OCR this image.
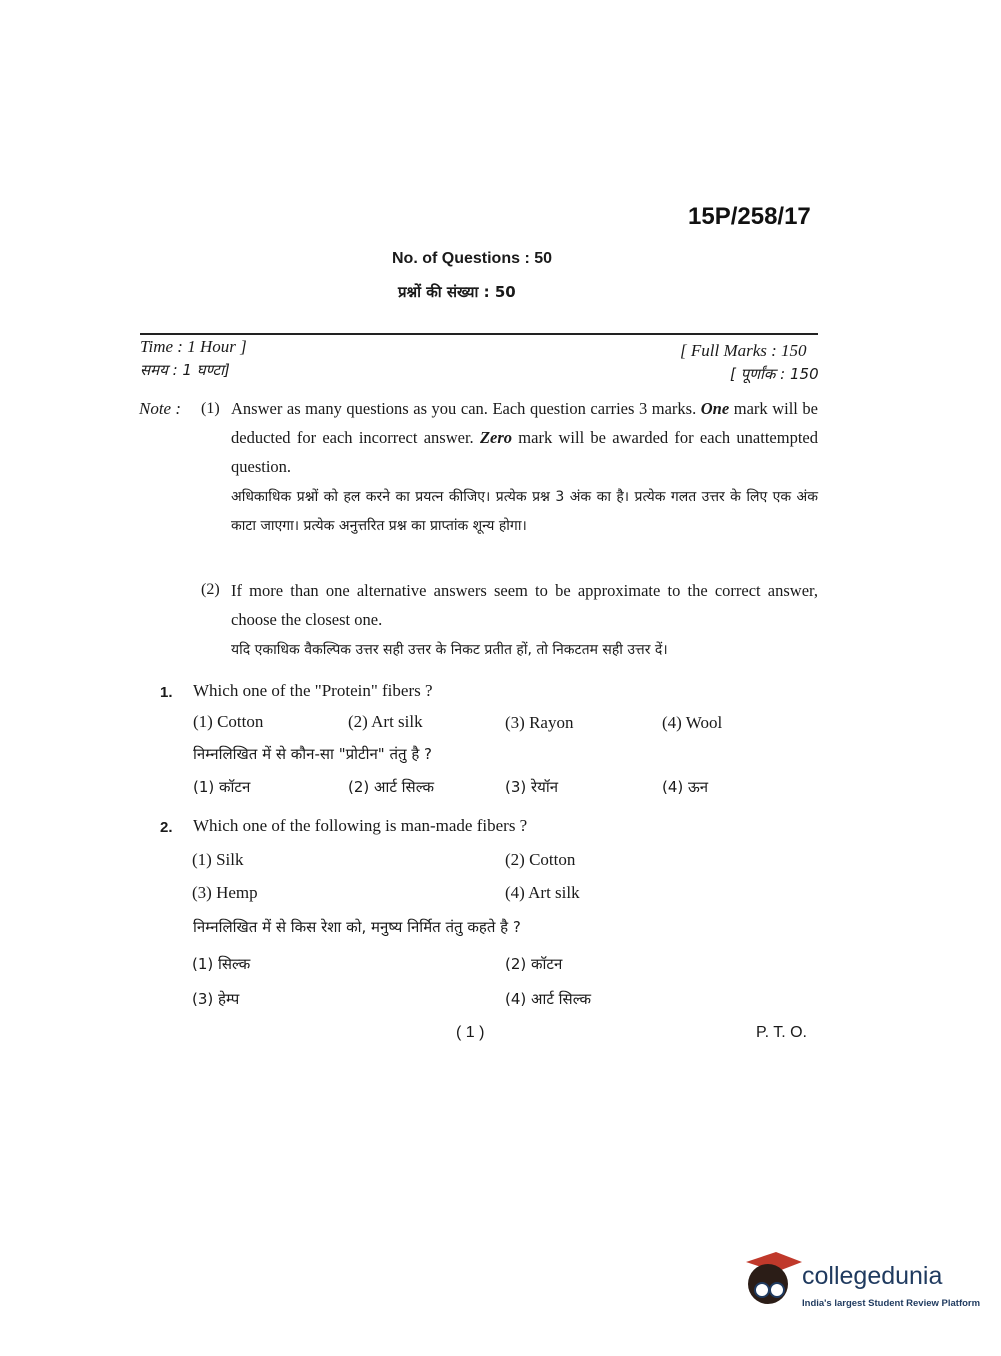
15P/258/17
No. of Questions : 50
प्रश्नों की संख्या : 50
Time : 1 Hour ]
समय : 1 घण्टा]
[ Full Marks : 150
[ पूर्णांक : 150
Note : (1) Answer as many questions as you can. Each question carries 3 marks. One mark will be deducted for each incorrect answer. Zero mark will be awarded for each unattempted question.
अधिकाधिक प्रश्नों को हल करने का प्रयत्न कीजिए। प्रत्येक प्रश्न 3 अंक का है। प्रत्येक गलत उत्तर के लिए एक अंक काटा जाएगा। प्रत्येक अनुत्तरित प्रश्न का प्राप्तांक शून्य होगा।
(2) If more than one alternative answers seem to be approximate to the correct answer, choose the closest one.
यदि एकाधिक वैकल्पिक उत्तर सही उत्तर के निकट प्रतीत हों, तो निकटतम सही उत्तर दें।
1. Which one of the "Protein" fibers ?
(1) Cotton	(2) Art silk	(3) Rayon	(4) Wool
निम्नलिखित में से कौन-सा "प्रोटीन" तंतु है ?
(1) कॉटन	(2) आर्ट सिल्क	(3) रेयॉन	(4) ऊन
2. Which one of the following is man-made fibers ?
(1) Silk	(2) Cotton
(3) Hemp	(4) Art silk
निम्नलिखित में से किस रेशा को, मनुष्य निर्मित तंतु कहते है ?
(1) सिल्क	(2) कॉटन
(3) हेम्प	(4) आर्ट सिल्क
( 1 )	P. T. O.
collegedunia
India's largest Student Review Platform
